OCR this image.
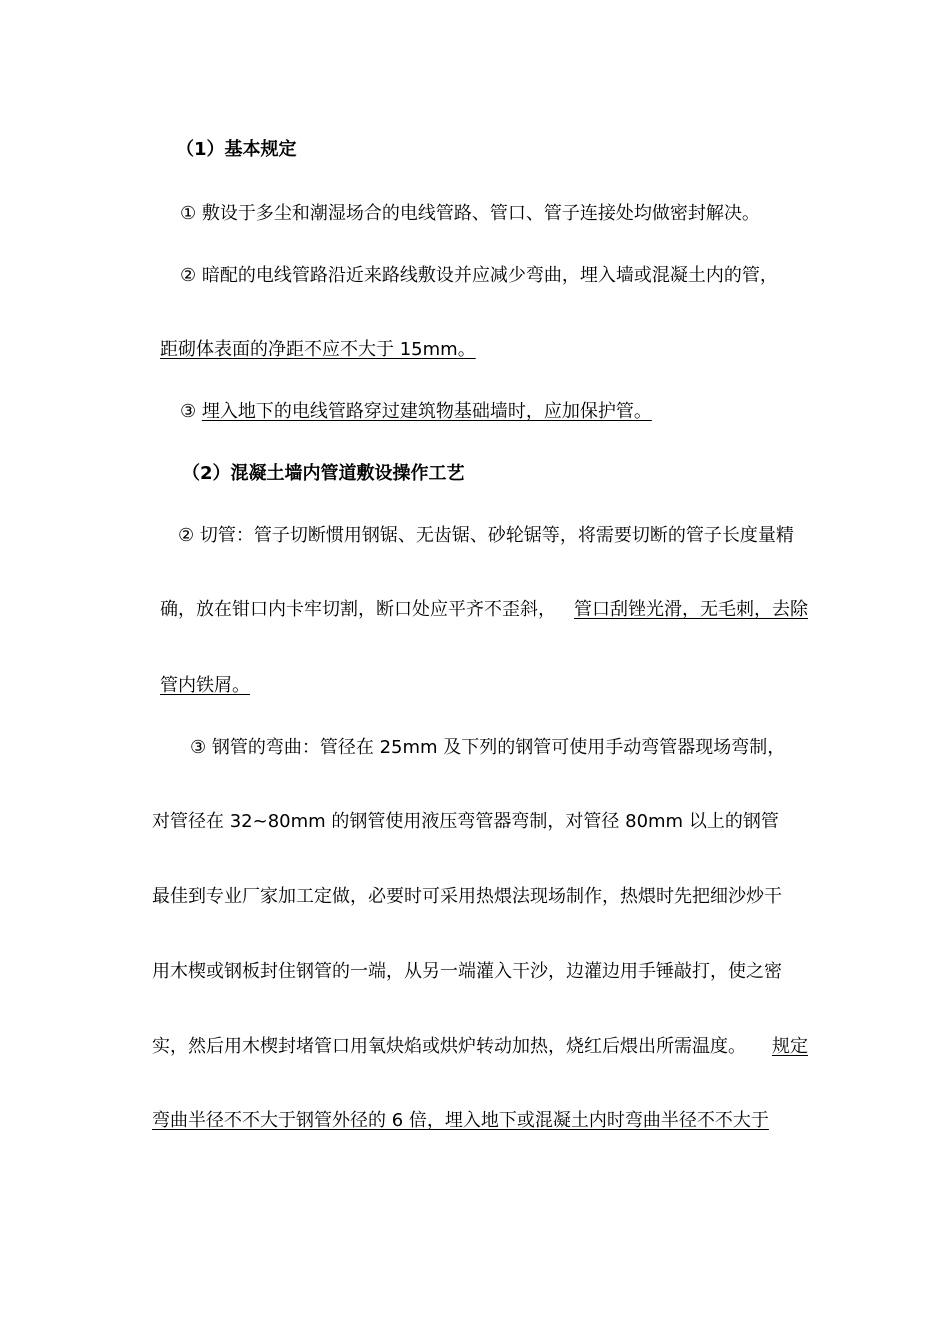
（1）基本规定
① 敷设于多尘和潮湿场合的电线管路、管口、管子连接处均做密封解决。
② 暗配的电线管路沿近来路线敷设并应减少弯曲，埋入墙或混凝土内的管，
距砌体表面的净距不应不大于 15mm。
③ 埋入地下的电线管路穿过建筑物基础墙时，应加保护管。
（2）混凝土墙内管道敷设操作工艺
② 切管：管子切断惯用钢锯、无齿锯、砂轮锯等，将需要切断的管子长度量精
确，放在钳口内卡牢切割，断口处应平齐不歪斜， 管口刮锉光滑，无毛刺，去除
管内铁屑。
③ 钢管的弯曲：管径在 25mm 及下列的钢管可使用手动弯管器现场弯制，
对管径在 32~80mm 的钢管使用液压弯管器弯制，对管径 80mm 以上的钢管
最佳到专业厂家加工定做，必要时可采用热煨法现场制作，热煨时先把细沙炒干
用木楔或钢板封住钢管的一端，从另一端灌入干沙，边灌边用手锤敲打，使之密
实，然后用木楔封堵管口用氧炔焰或烘炉转动加热，烧红后煨出所需温度。 规定
弯曲半径不不大于钢管外径的 6 倍，埋入地下或混凝土内时弯曲半径不不大于
